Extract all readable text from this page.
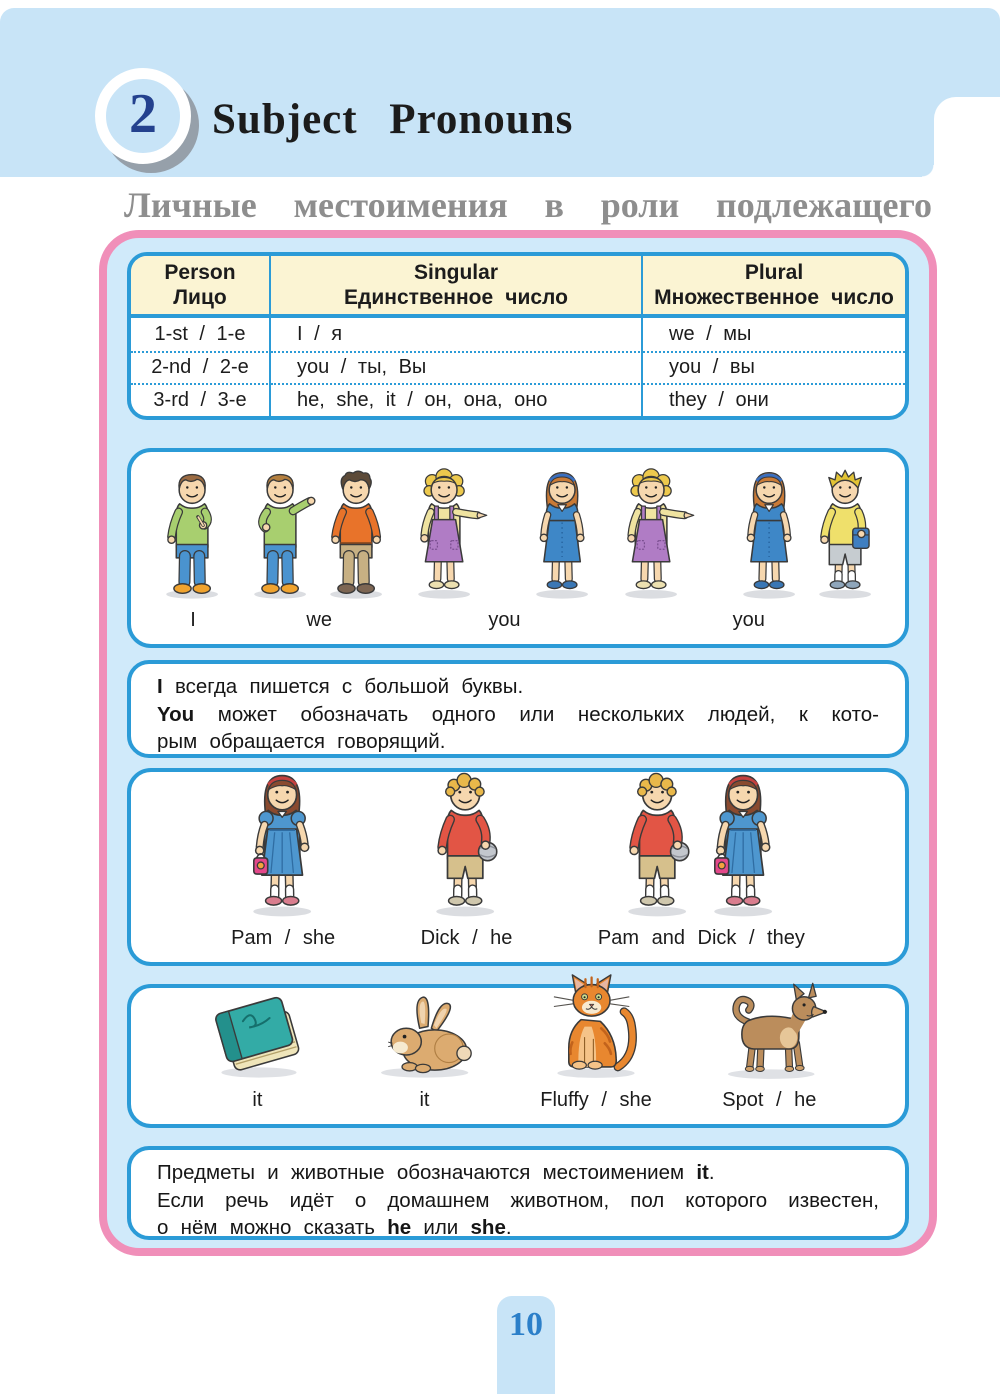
2 Subject Pronouns
Личные местоимения в роли подлежащего
Person
Лицо
Singular
Единственное число
Plural
Множественное число
1-st / 1-e	I / я	we / мы
2-nd / 2-e	you / ты, Вы	you / вы
3-rd / 3-e	he, she, it / он, она, оно	they / они
I	we	you	you
I всегда пишется с большой буквы.
You может обозначать одного или нескольких людей, к кото-
рым обращается говорящий.
Pam / she	Dick / he	Pam and Dick / they
it	it	Fluffy / she	Spot / he
Предметы и животные обозначаются местоимением it.
Если речь идёт о домашнем животном, пол которого известен,
о нём можно сказать he или she.
10
